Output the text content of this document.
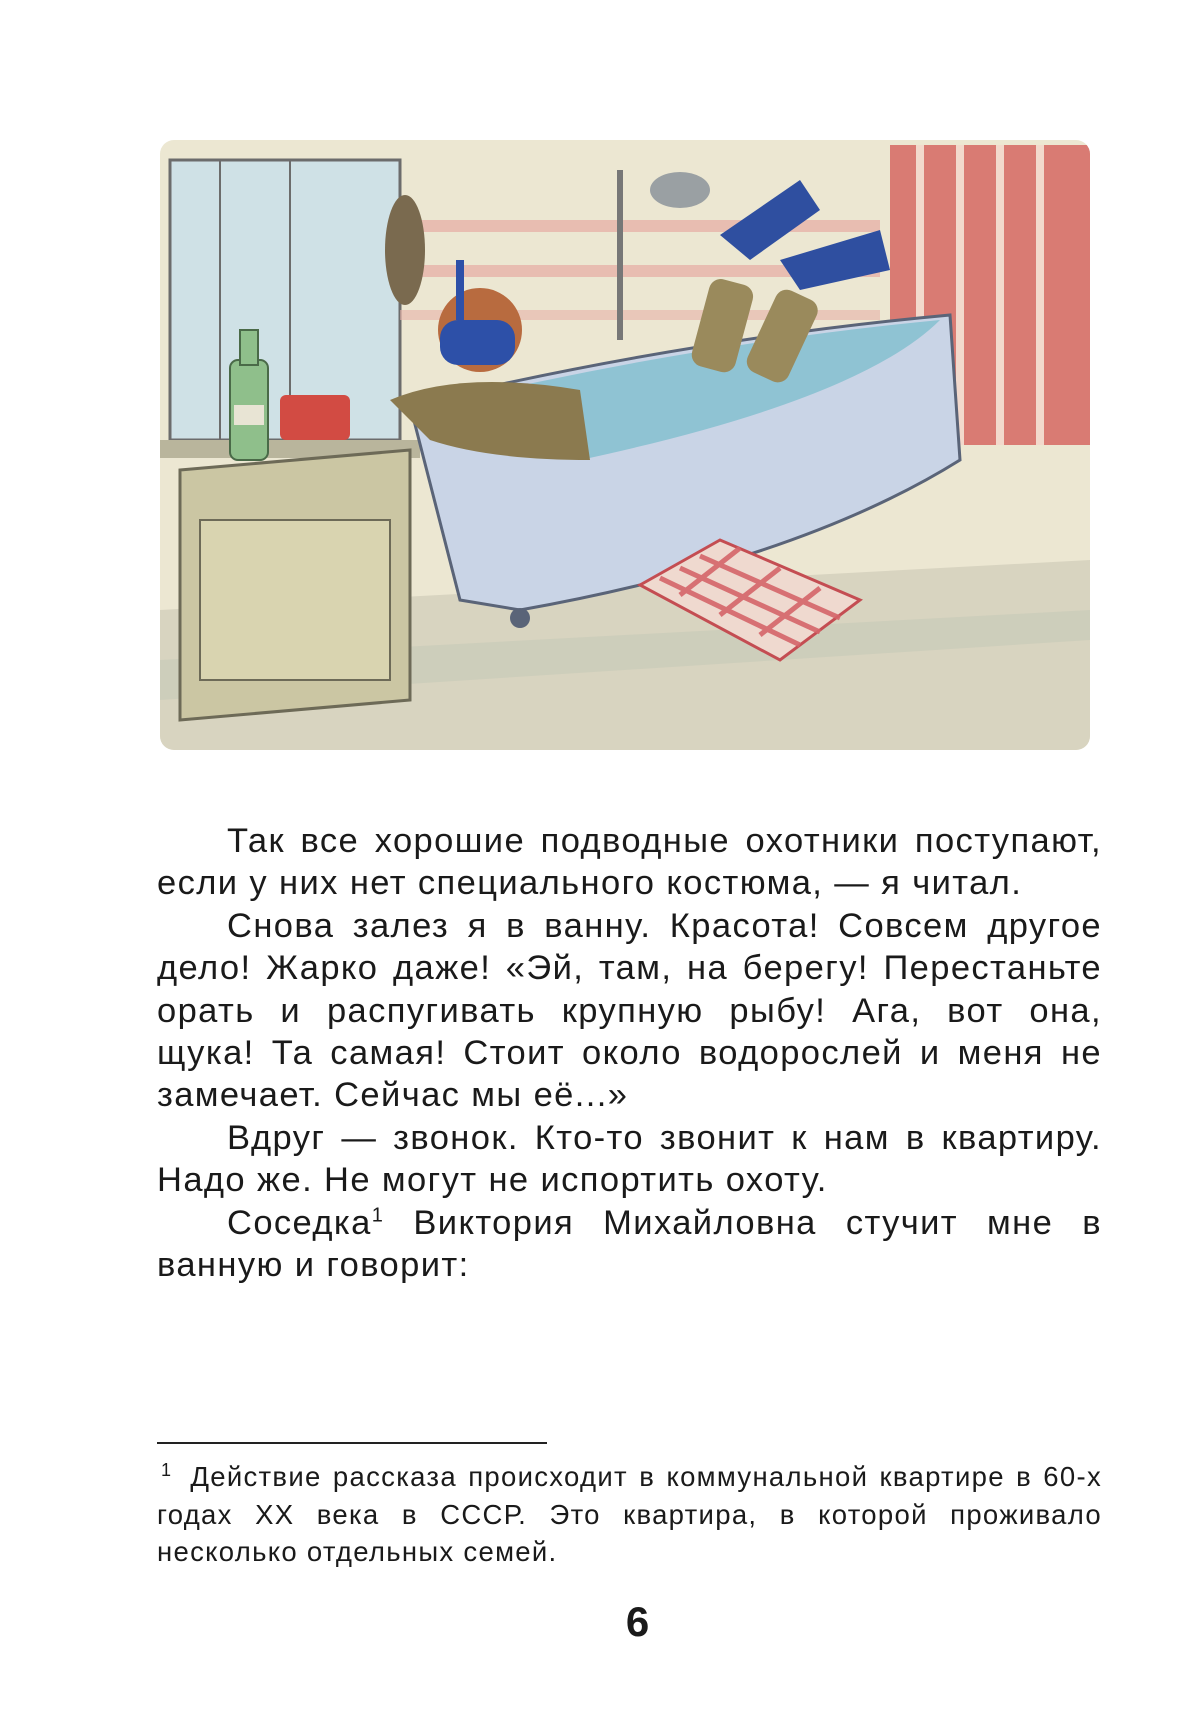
Так все хорошие подводные охотники поступают, если у них нет специального костюма, — я читал.

Снова залез я в ванну. Красота! Совсем другое дело! Жарко даже! «Эй, там, на берегу! Перестаньте орать и распугивать крупную рыбу! Ага, вот она, щука! Та самая! Стоит около водорослей и меня не замечает. Сейчас мы её...»

Вдруг — звонок. Кто-то звонит к нам в квартиру. Надо же. Не могут не испортить охоту.

Соседка$^1$ Виктория Михайловна стучит мне в ванную и говорит:

$^1$ Действие рассказа происходит в коммунальной квартире в 60-х годах XX века в СССР. Это квартира, в которой проживало несколько отдельных семей.
6
